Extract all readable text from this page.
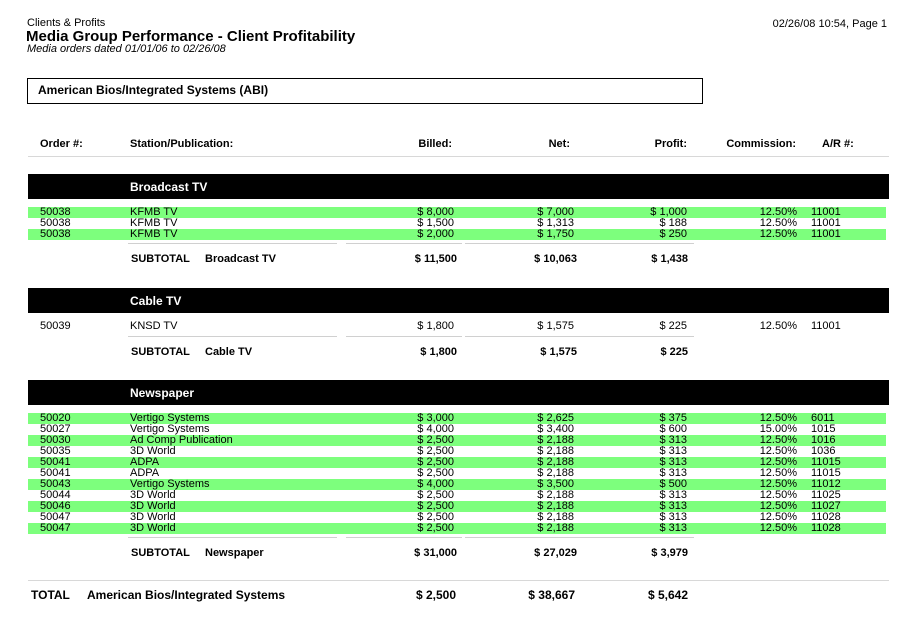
Clients & Profits
Media Group Performance - Client Profitability
Media orders dated 01/01/06 to 02/26/08
02/26/08 10:54, Page 1
American Bios/Integrated Systems (ABI)
Order #:	Station/Publication:	Billed:	Net:	Profit:	Commission: A/R #:
Broadcast TV
50038	KFMB TV	$ 8,000	$ 7,000	$ 1,000	12.50% 11001
50038	KFMB TV	$ 1,500	$ 1,313	$ 188	12.50% 11001
50038	KFMB TV	$ 2,000	$ 1,750	$ 250	12.50% 11001
SUBTOTAL Broadcast TV	$ 11,500	$ 10,063	$ 1,438
Cable TV
50039	KNSD TV	$ 1,800	$ 1,575	$ 225	12.50% 11001
SUBTOTAL Cable TV	$ 1,800	$ 1,575	$ 225
Newspaper
50020	Vertigo Systems	$ 3,000	$ 2,625	$ 375	12.50% 6011
50027	Vertigo Systems	$ 4,000	$ 3,400	$ 600	15.00% 1015
50030	Ad Comp Publication	$ 2,500	$ 2,188	$ 313	12.50% 1016
50035	3D World	$ 2,500	$ 2,188	$ 313	12.50% 1036
50041	ADPA	$ 2,500	$ 2,188	$ 313	12.50% 11015
50041	ADPA	$ 2,500	$ 2,188	$ 313	12.50% 11015
50043	Vertigo Systems	$ 4,000	$ 3,500	$ 500	12.50% 11012
50044	3D World	$ 2,500	$ 2,188	$ 313	12.50% 11025
50046	3D World	$ 2,500	$ 2,188	$ 313	12.50% 11027
50047	3D World	$ 2,500	$ 2,188	$ 313	12.50% 11028
50047	3D World	$ 2,500	$ 2,188	$ 313	12.50% 11028
SUBTOTAL Newspaper	$ 31,000	$ 27,029	$ 3,979
TOTAL American Bios/Integrated Systems	$ 2,500	$ 38,667	$ 5,642
